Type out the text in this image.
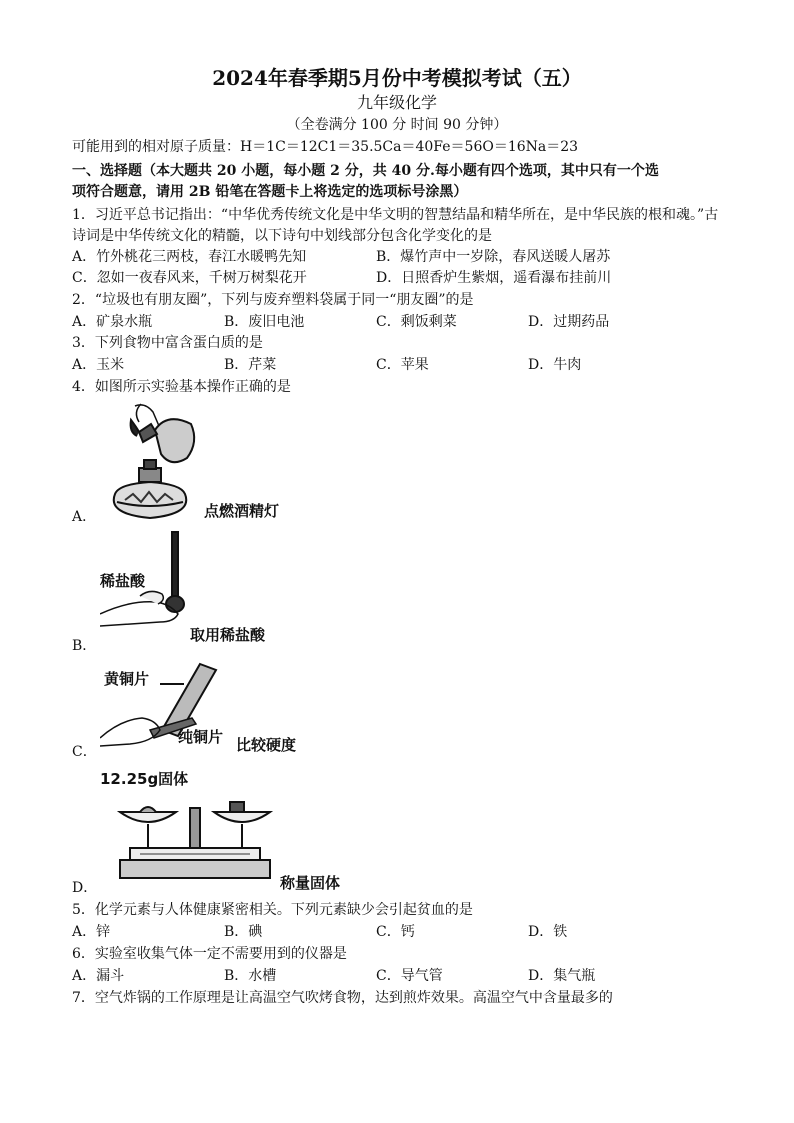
2024年春季期5月份中考模拟考试（五）
九年级化学
（全卷满分 100 分 时间 90 分钟）
可能用到的相对原子质量：H＝1C＝12C1＝35.5Ca＝40Fe＝56O＝16Na＝23
一、选择题（本大题共 20 小题，每小题 2 分，共 40 分.每小题有四个选项，其中只有一个选
项符合题意，请用 2B 铅笔在答题卡上将选定的选项标号涂黑）
1．习近平总书记指出：“中华优秀传统文化是中华文明的智慧结晶和精华所在，是中华民族的根和魂。”古
诗词是中华传统文化的精髓，以下诗句中划线部分包含化学变化的是
A．竹外桃花三两枝，春江水暖鸭先知	B．爆竹声中一岁除，春风送暖人屠苏
C．忽如一夜春风来，千树万树梨花开	D．日照香炉生紫烟，遥看瀑布挂前川
2．“垃圾也有朋友圈”，下列与废弃塑料袋属于同一“朋友圈”的是
A．矿泉水瓶	B．废旧电池	C．剩饭剩菜	D．过期药品
3．下列食物中富含蛋白质的是
A．玉米	B．芹菜	C．苹果	D．牛肉
4．如图所示实验基本操作正确的是
A．	点燃酒精灯
稀盐酸
B．
取用稀盐酸
黄铜片
C．
纯铜片 比较硬度
12.25g固体
D．	称量固体
5．化学元素与人体健康紧密相关。下列元素缺少会引起贫血的是
A．锌	B．碘	C．钙	D．铁
6．实验室收集气体一定不需要用到的仪器是
A．漏斗	B．水槽	C．导气管	D．集气瓶
7．空气炸锅的工作原理是让高温空气吹烤食物，达到煎炸效果。高温空气中含量最多的
